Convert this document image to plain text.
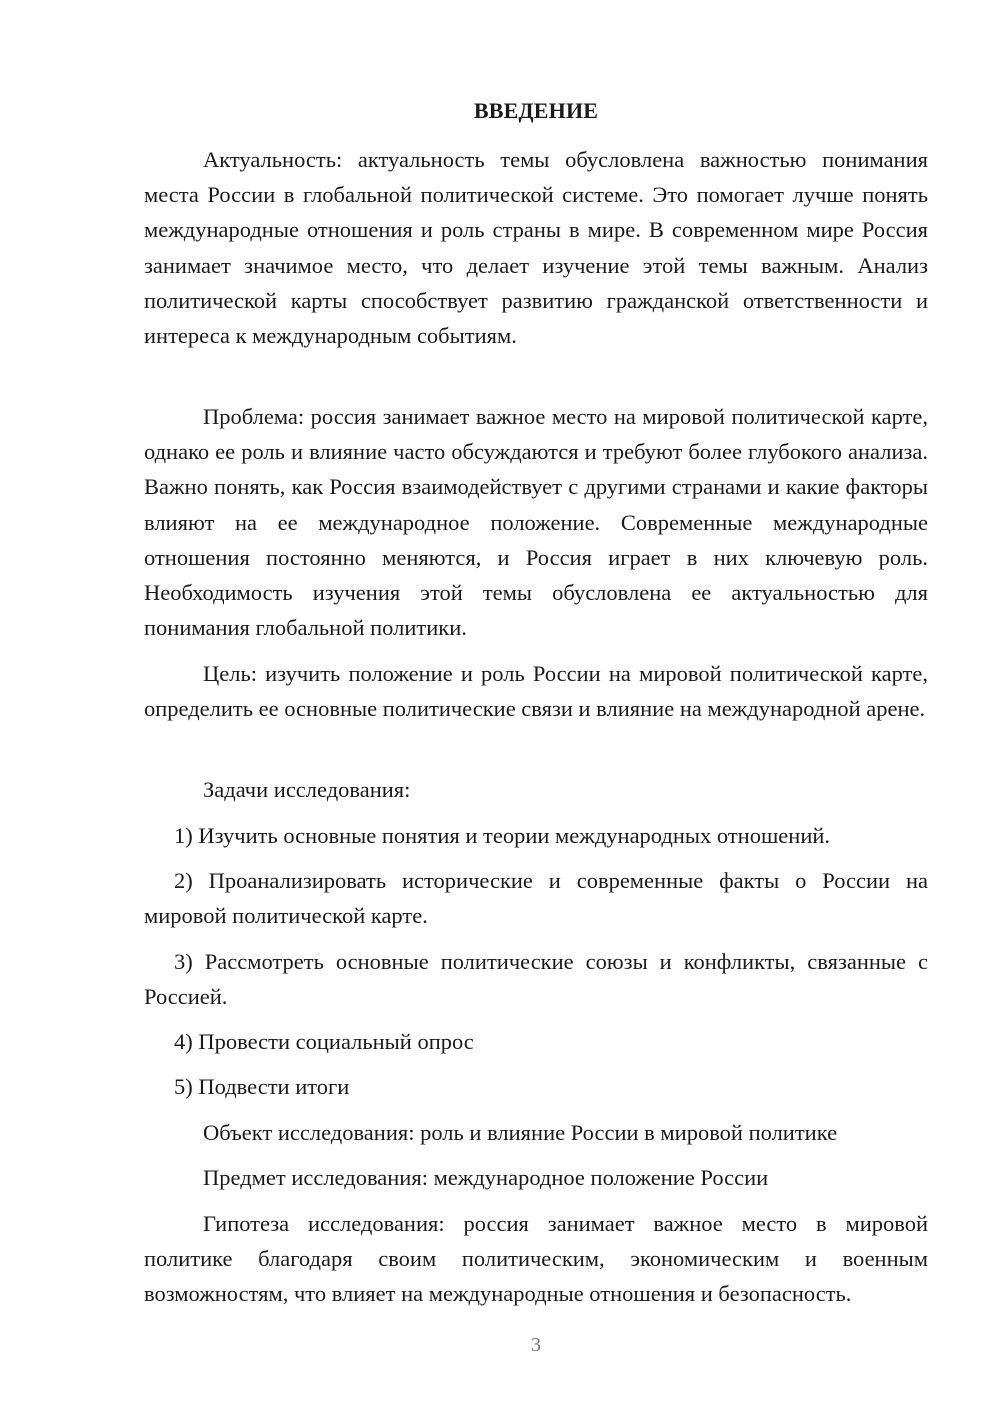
ВВЕДЕНИЕ

Актуальность: актуальность темы обусловлена важностью понимания места России в глобальной политической системе. Это помогает лучше понять международные отношения и роль страны в мире. В современном мире Россия занимает значимое место, что делает изучение этой темы важным. Анализ политической карты способствует развитию гражданской ответственности и интереса к международным событиям.

Проблема: россия занимает важное место на мировой политической карте, однако ее роль и влияние часто обсуждаются и требуют более глубокого анализа. Важно понять, как Россия взаимодействует с другими странами и какие факторы влияют на ее международное положение. Современные международные отношения постоянно меняются, и Россия играет в них ключевую роль. Необходимость изучения этой темы обусловлена ее актуальностью для понимания глобальной политики.

Цель: изучить положение и роль России на мировой политической карте, определить ее основные политические связи и влияние на международной арене.

Задачи исследования:

1) Изучить основные понятия и теории международных отношений.

2) Проанализировать исторические и современные факты о России на мировой политической карте.

3) Рассмотреть основные политические союзы и конфликты, связанные с Россией.

4) Провести социальный опрос

5) Подвести итоги

Объект исследования: роль и влияние России в мировой политике

Предмет исследования: международное положение России

Гипотеза исследования: россия занимает важное место в мировой политике благодаря своим политическим, экономическим и военным возможностям, что влияет на международные отношения и безопасность.

3
